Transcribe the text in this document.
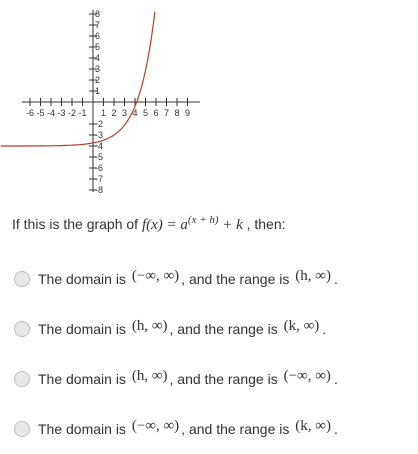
-6 -5 -4 -3 -2 -1 1 2 3 4 5 6 7 8 9
1
2
3
4
5
6
7
8
-2
-3
-4
-5
-6
-7
-8
If this is the graph of $f(x) = a^{(x + h)} + k$ , then:
The domain is
(−∞, ∞) , and the range is
(h, ∞) .
The domain is
(h, ∞) , and the range is
(k, ∞) .
The domain is
(h, ∞) , and the range is
(−∞, ∞) .
The domain is
(−∞, ∞) , and the range is
(k, ∞) .
